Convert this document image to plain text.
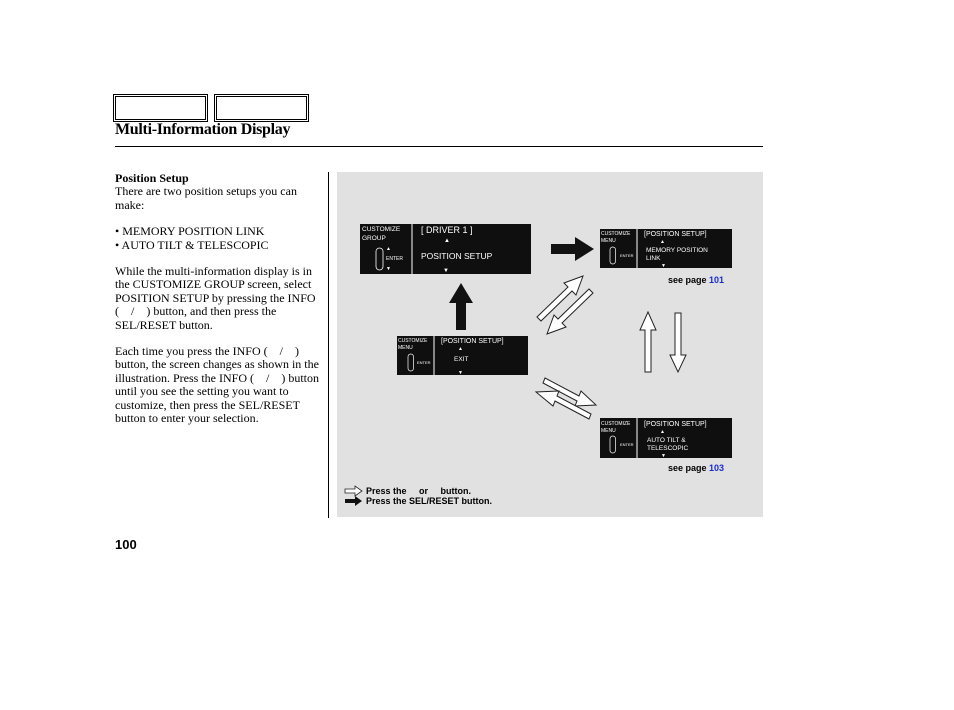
Multi-Information Display

Position Setup

There are two position setups you can make:

• MEMORY POSITION LINK

• AUTO TILT & TELESCOPIC

While the multi-information display is in the CUSTOMIZE GROUP screen, select POSITION SETUP by pressing the INFO (    /    ) button, and then press the SEL/RESET button.

Each time you press the INFO (    /    ) button, the screen changes as shown in the illustration. Press the INFO (    /    ) button until you see the setting you want to customize, then press the SEL/RESET button to enter your selection.

CUSTOMIZE
GROUP
ENTER
▲
▼
[ DRIVER 1 ]
▲
POSITION SETUP
▼
CUSTOMIZE
MENU
ENTER
[POSITION SETUP]
▲
MEMORY POSITION
LINK
▼
CUSTOMIZE
MENU
ENTER
[POSITION SETUP]
▲
EXIT
▼
CUSTOMIZE
MENU
ENTER
[POSITION SETUP]
▲
AUTO TILT &
TELESCOPIC
▼
see page 101
see page 103
Press the     or     button.
Press the SEL/RESET button.
100
